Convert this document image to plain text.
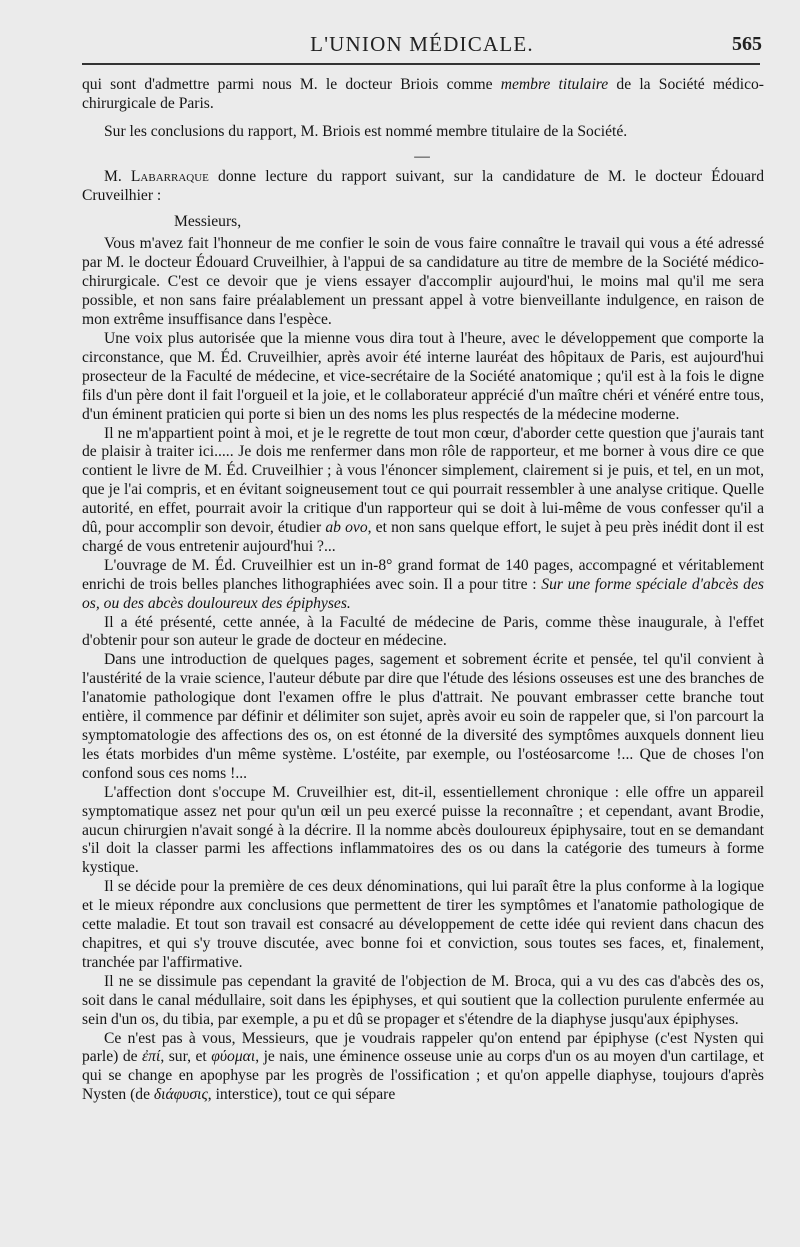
L'UNION MÉDICALE.	565

qui sont d'admettre parmi nous M. le docteur Briois comme membre titulaire de la Société médico-chirurgicale de Paris.

Sur les conclusions du rapport, M. Briois est nommé membre titulaire de la Société.

—

M. Labarraque donne lecture du rapport suivant, sur la candidature de M. le docteur Édouard Cruveilhier :

Messieurs,

Vous m'avez fait l'honneur de me confier le soin de vous faire connaître le travail qui vous a été adressé par M. le docteur Édouard Cruveilhier, à l'appui de sa candidature au titre de membre de la Société médico-chirurgicale. C'est ce devoir que je viens essayer d'accomplir aujourd'hui, le moins mal qu'il me sera possible, et non sans faire préalablement un pressant appel à votre bienveillante indulgence, en raison de mon extrême insuffisance dans l'espèce.

Une voix plus autorisée que la mienne vous dira tout à l'heure, avec le développement que comporte la circonstance, que M. Éd. Cruveilhier, après avoir été interne lauréat des hôpitaux de Paris, est aujourd'hui prosecteur de la Faculté de médecine, et vice-secrétaire de la Société anatomique ; qu'il est à la fois le digne fils d'un père dont il fait l'orgueil et la joie, et le collaborateur apprécié d'un maître chéri et vénéré entre tous, d'un éminent praticien qui porte si bien un des noms les plus respectés de la médecine moderne.

Il ne m'appartient point à moi, et je le regrette de tout mon cœur, d'aborder cette question que j'aurais tant de plaisir à traiter ici..... Je dois me renfermer dans mon rôle de rapporteur, et me borner à vous dire ce que contient le livre de M. Éd. Cruveilhier ; à vous l'énoncer simplement, clairement si je puis, et tel, en un mot, que je l'ai compris, et en évitant soigneusement tout ce qui pourrait ressembler à une analyse critique. Quelle autorité, en effet, pourrait avoir la critique d'un rapporteur qui se doit à lui-même de vous confesser qu'il a dû, pour accomplir son devoir, étudier ab ovo, et non sans quelque effort, le sujet à peu près inédit dont il est chargé de vous entretenir aujourd'hui ?...

L'ouvrage de M. Éd. Cruveilhier est un in-8° grand format de 140 pages, accompagné et véritablement enrichi de trois belles planches lithographiées avec soin. Il a pour titre : Sur une forme spéciale d'abcès des os, ou des abcès douloureux des épiphyses.

Il a été présenté, cette année, à la Faculté de médecine de Paris, comme thèse inaugurale, à l'effet d'obtenir pour son auteur le grade de docteur en médecine.

Dans une introduction de quelques pages, sagement et sobrement écrite et pensée, tel qu'il convient à l'austérité de la vraie science, l'auteur débute par dire que l'étude des lésions osseuses est une des branches de l'anatomie pathologique dont l'examen offre le plus d'attrait. Ne pouvant embrasser cette branche tout entière, il commence par définir et délimiter son sujet, après avoir eu soin de rappeler que, si l'on parcourt la symptomatologie des affections des os, on est étonné de la diversité des symptômes auxquels donnent lieu les états morbides d'un même système. L'ostéite, par exemple, ou l'ostéosarcome !... Que de choses l'on confond sous ces noms !...

L'affection dont s'occupe M. Cruveilhier est, dit-il, essentiellement chronique : elle offre un appareil symptomatique assez net pour qu'un œil un peu exercé puisse la reconnaître ; et cependant, avant Brodie, aucun chirurgien n'avait songé à la décrire. Il la nomme abcès douloureux épiphysaire, tout en se demandant s'il doit la classer parmi les affections inflammatoires des os ou dans la catégorie des tumeurs à forme kystique.

Il se décide pour la première de ces deux dénominations, qui lui paraît être la plus conforme à la logique et le mieux répondre aux conclusions que permettent de tirer les symptômes et l'anatomie pathologique de cette maladie. Et tout son travail est consacré au développement de cette idée qui revient dans chacun des chapitres, et qui s'y trouve discutée, avec bonne foi et conviction, sous toutes ses faces, et, finalement, tranchée par l'affirmative.

Il ne se dissimule pas cependant la gravité de l'objection de M. Broca, qui a vu des cas d'abcès des os, soit dans le canal médullaire, soit dans les épiphyses, et qui soutient que la collection purulente enfermée au sein d'un os, du tibia, par exemple, a pu et dû se propager et s'étendre de la diaphyse jusqu'aux épiphyses.

Ce n'est pas à vous, Messieurs, que je voudrais rappeler qu'on entend par épiphyse (c'est Nysten qui parle) de ἐπί, sur, et φύομαι, je nais, une éminence osseuse unie au corps d'un os au moyen d'un cartilage, et qui se change en apophyse par les progrès de l'ossification ; et qu'on appelle diaphyse, toujours d'après Nysten (de διάφυσις, interstice), tout ce qui sépare
